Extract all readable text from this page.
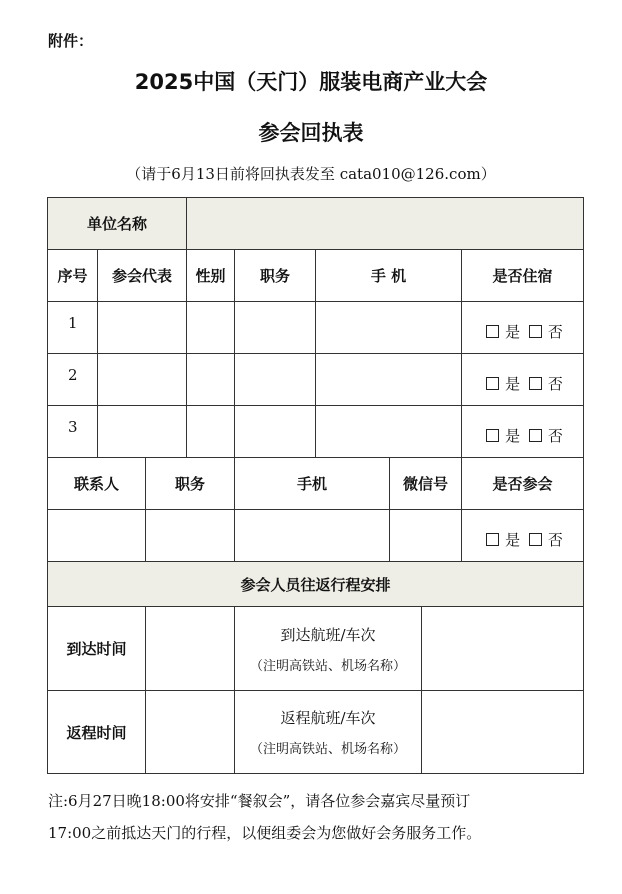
附件：
2025中国（天门）服装电商产业大会
参会回执表
（请于6月13日前将回执表发至 cata010@126.com）
单位名称								
序号	参会代表		性别	职务	手 机			是否住宿
1								是 否
2								是 否
3								是 否
联系人		职务		手机		微信号		是否参会
								是 否
参会人员往返行程安排								
到达时间				到达航班/车次
（注明高铁站、机场名称）				

返程时间				返程航班/车次
（注明高铁站、机场名称）				

注:6月27日晚18:00将安排“餐叙会”，请各位参会嘉宾尽量预订
17:00之前抵达天门的行程，以便组委会为您做好会务服务工作。
